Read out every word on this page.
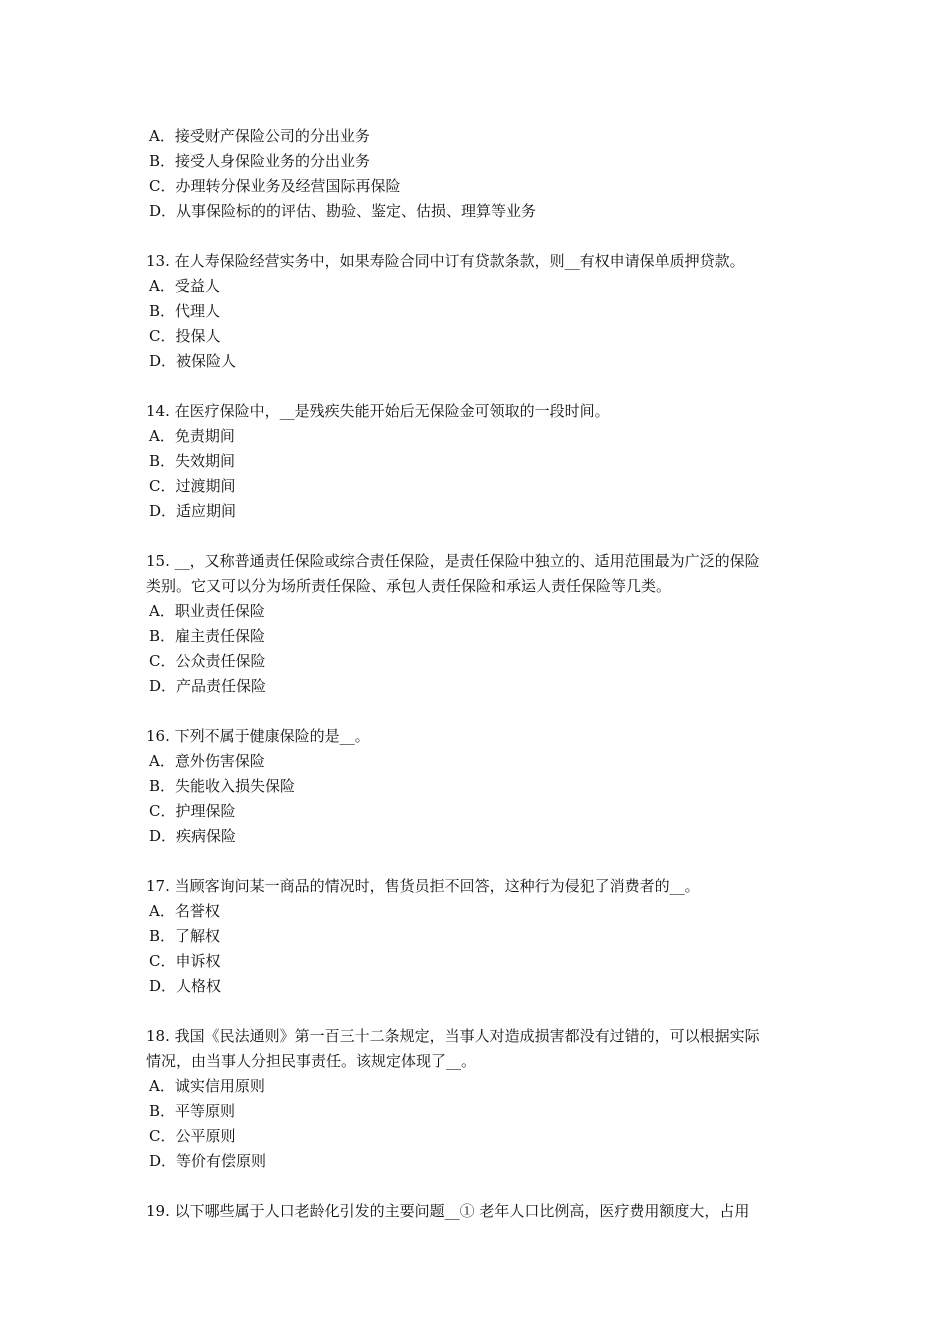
A．接受财产保险公司的分出业务
B．接受人身保险业务的分出业务
C．办理转分保业务及经营国际再保险
D．从事保险标的的评估、勘验、鉴定、估损、理算等业务
13. 在人寿保险经营实务中，如果寿险合同中订有贷款条款，则__有权申请保单质押贷款。
A．受益人
B．代理人
C．投保人
D．被保险人
14. 在医疗保险中，__是残疾失能开始后无保险金可领取的一段时间。
A．免责期间
B．失效期间
C．过渡期间
D．适应期间
15. __，又称普通责任保险或综合责任保险，是责任保险中独立的、适用范围最为广泛的保险
类别。它又可以分为场所责任保险、承包人责任保险和承运人责任保险等几类。
A．职业责任保险
B．雇主责任保险
C．公众责任保险
D．产品责任保险
16. 下列不属于健康保险的是__。
A．意外伤害保险
B．失能收入损失保险
C．护理保险
D．疾病保险
17. 当顾客询问某一商品的情况时，售货员拒不回答，这种行为侵犯了消费者的__。
A．名誉权
B．了解权
C．申诉权
D．人格权
18. 我国《民法通则》第一百三十二条规定，当事人对造成损害都没有过错的，可以根据实际
情况，由当事人分担民事责任。该规定体现了__。
A．诚实信用原则
B．平等原则
C．公平原则
D．等价有偿原则
19. 以下哪些属于人口老龄化引发的主要问题__① 老年人口比例高，医疗费用额度大，占用
